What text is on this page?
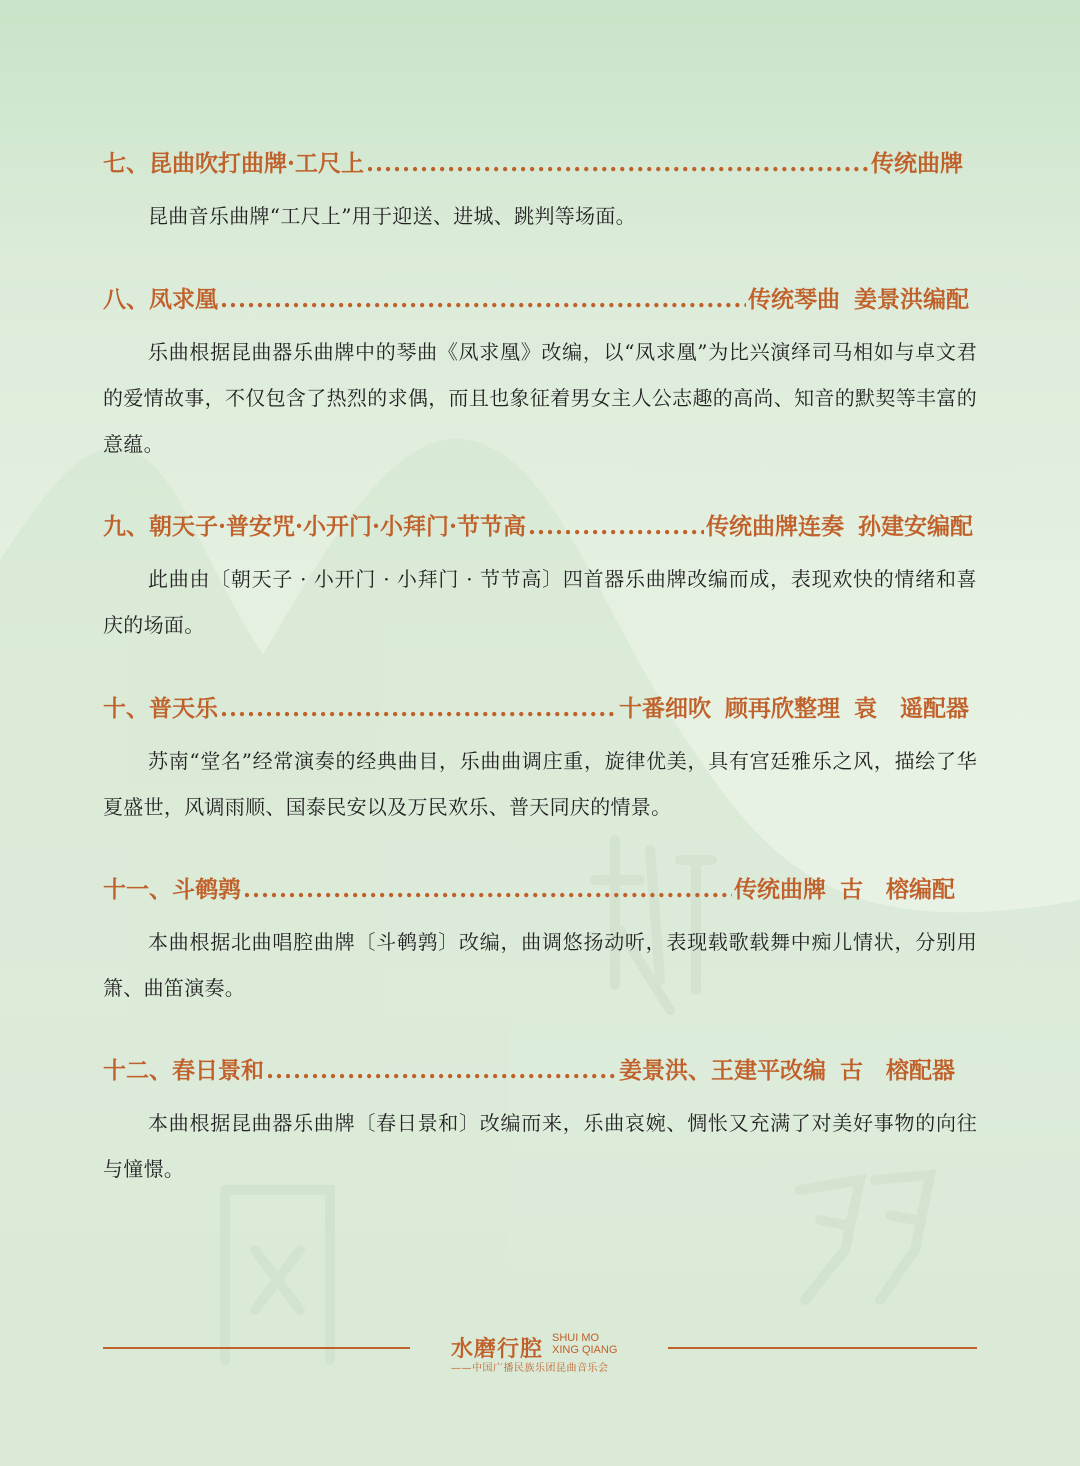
七、 昆曲吹打曲牌·工尺上 .....	传统曲牌
昆曲音乐曲牌“工尺上”用于迎送、进城、跳判等场面。
八、 凤求凰 .....	传统琴曲 姜景洪编配
乐曲根据昆曲器乐曲牌中的琴曲《凤求凰》改编，以“凤求凰”为比兴演绎司马相如与卓文君的爱情故事，不仅包含了热烈的求偶，而且也象征着男女主人公志趣的高尚、知音的默契等丰富的意蕴。
九、 朝天子·普安咒·小开门·小拜门·节节高 .....	传统曲牌连奏 孙建安编配
此曲由〔朝天子 · 小开门 · 小拜门 · 节节高〕四首器乐曲牌改编而成，表现欢快的情绪和喜庆的场面。
十、 普天乐 .....	十番细吹 顾再欣整理 袁　遥配器
苏南“堂名”经常演奏的经典曲目，乐曲曲调庄重，旋律优美，具有宫廷雅乐之风，描绘了华夏盛世，风调雨顺、国泰民安以及万民欢乐、普天同庆的情景。
十一、 斗鹌鹑 .....	传统曲牌 古　榕编配
本曲根据北曲唱腔曲牌〔斗鹌鹑〕改编，曲调悠扬动听，表现载歌载舞中痴儿情状，分别用箫、曲笛演奏。
十二、 春日景和 .....	姜景洪、王建平改编 古　榕配器
本曲根据昆曲器乐曲牌〔春日景和〕改编而来，乐曲哀婉、惆怅又充满了对美好事物的向往与憧憬。
水磨行腔 SHUI MO
XING QIANG
——中国广播民族乐团昆曲音乐会
